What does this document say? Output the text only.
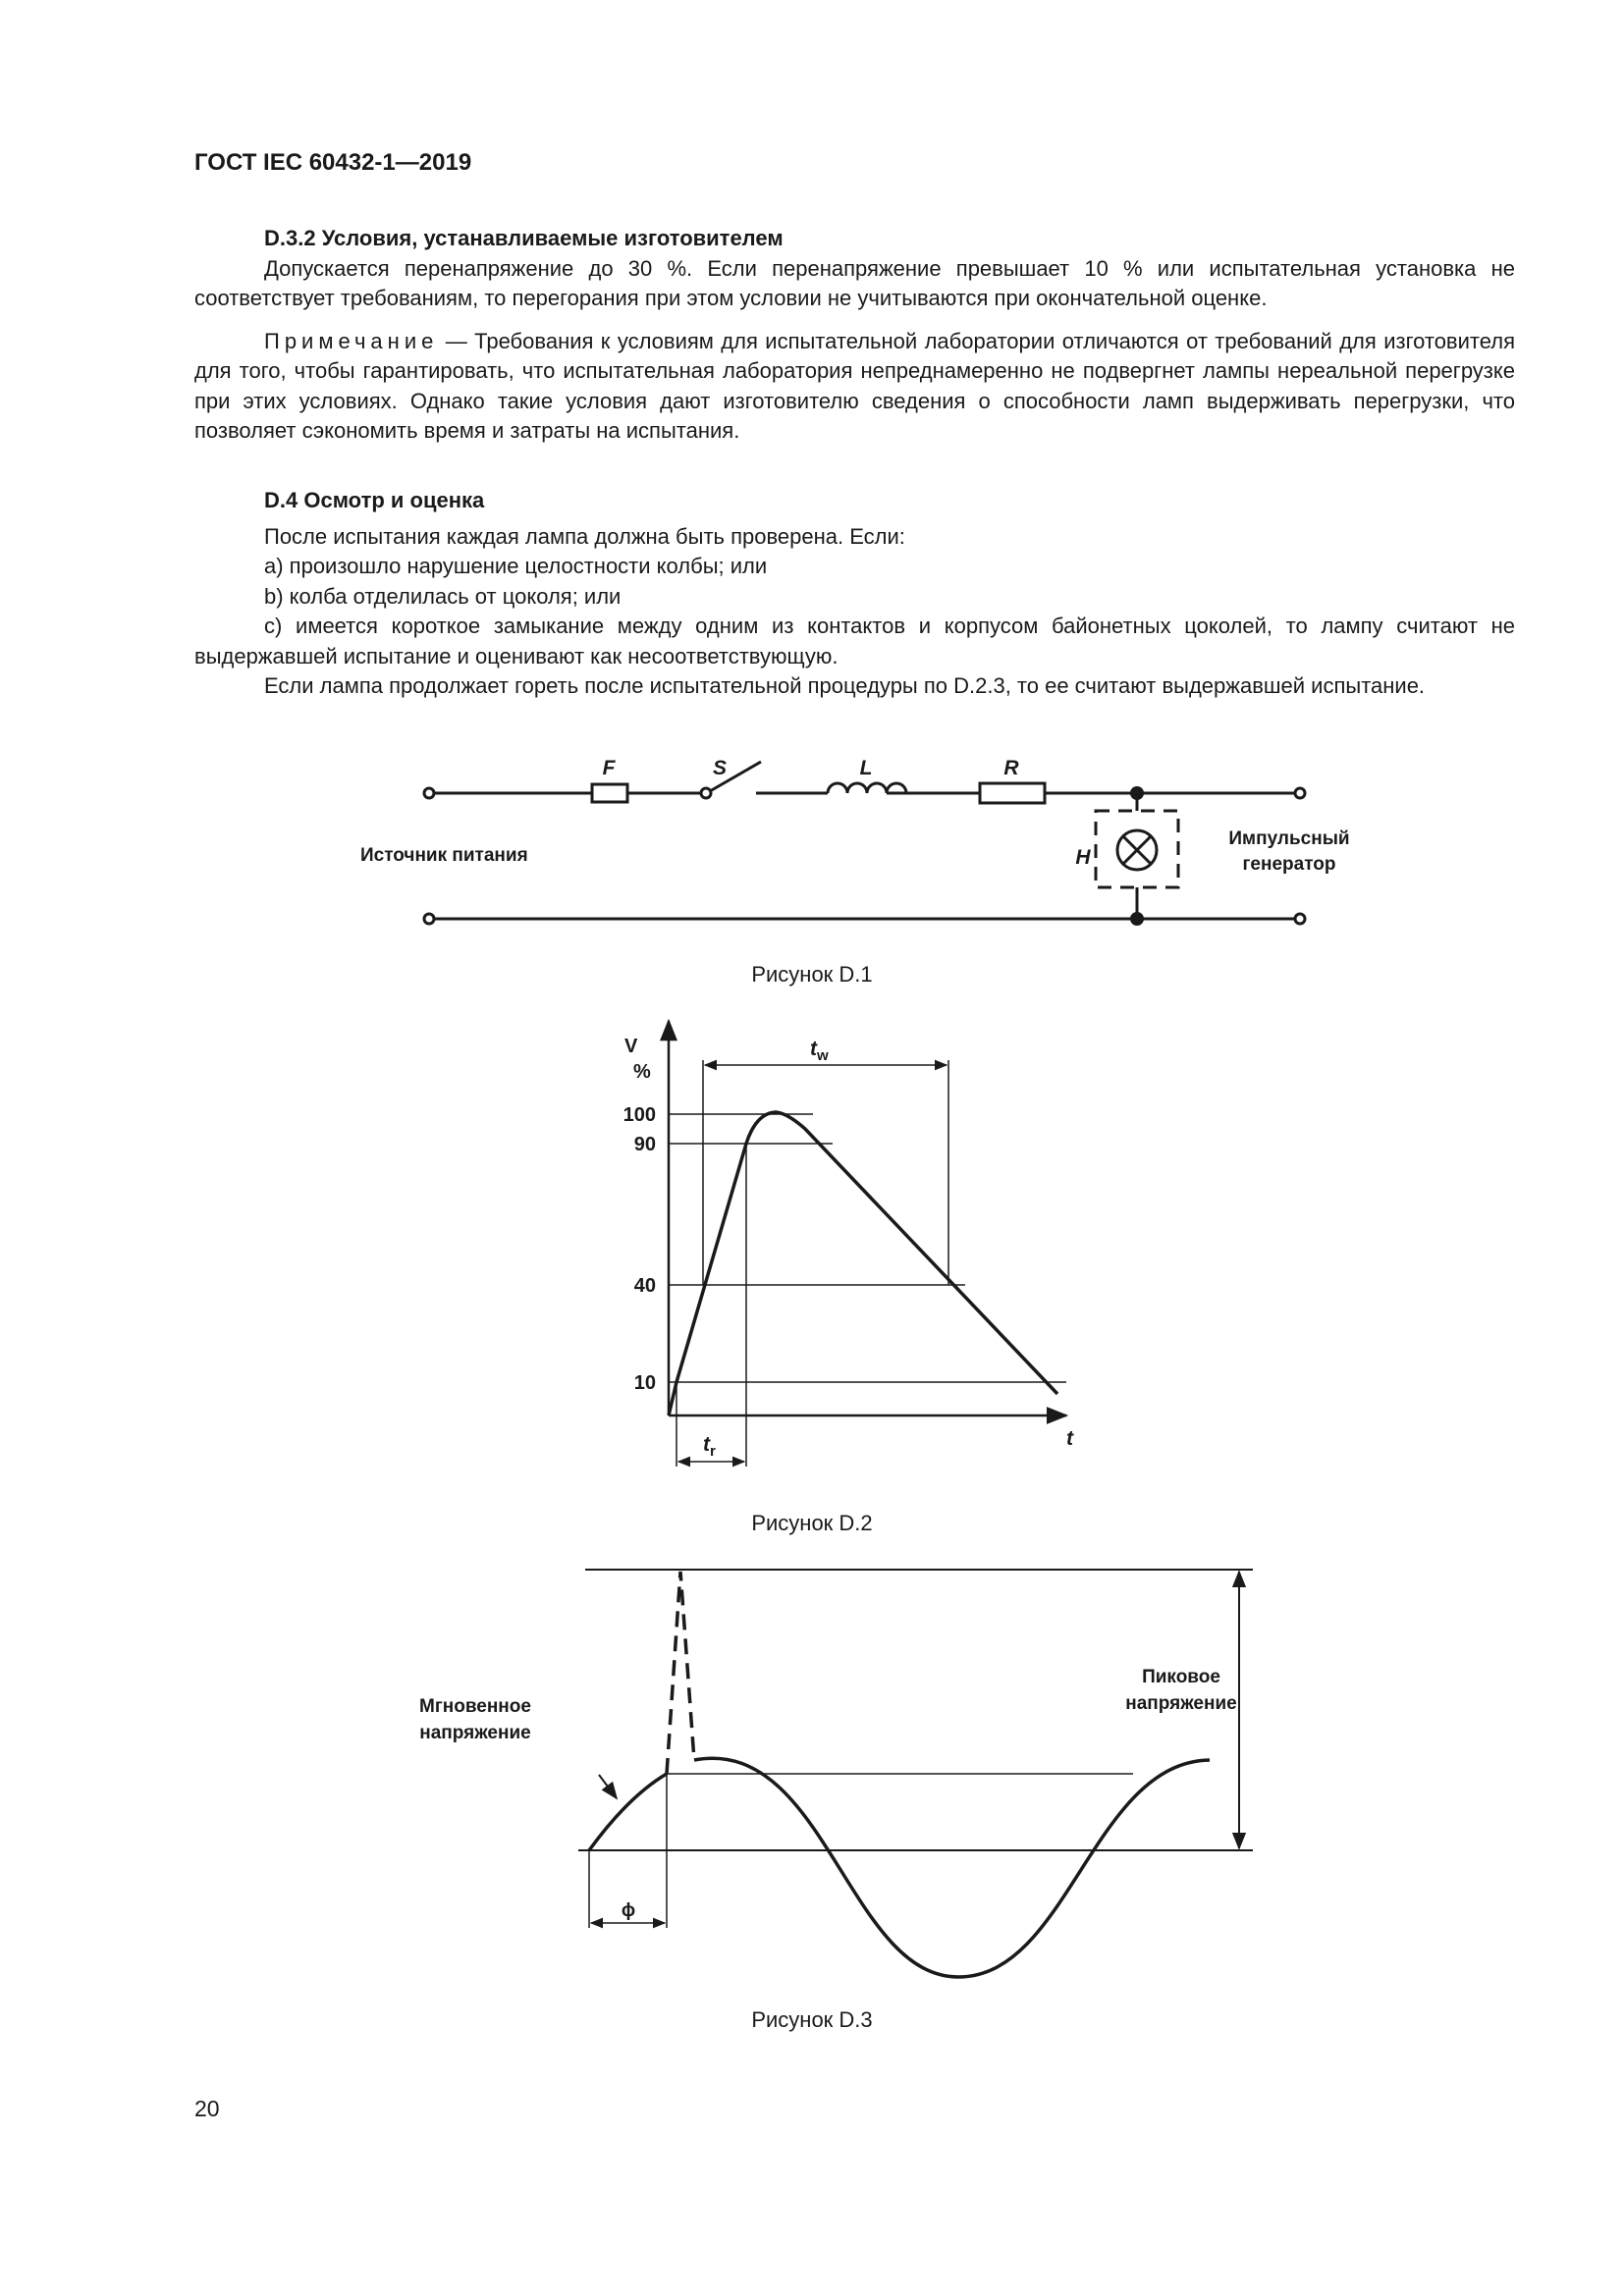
ГОСТ IEC 60432-1—2019

D.3.2 Условия, устанавливаемые изготовителем

Допускается перенапряжение до 30 %. Если перенапряжение превышает 10 % или испытательная установка не соответствует требованиям, то перегорания при этом условии не учитываются при окончательной оценке.

Примечание — Требования к условиям для испытательной лаборатории отличаются от требований для изготовителя для того, чтобы гарантировать, что испытательная лаборатория непреднамеренно не подвергнет лампы нереальной перегрузке при этих условиях. Однако такие условия дают изготовителю сведения о способности ламп выдерживать перегрузки, что позволяет сэкономить время и затраты на испытания.

D.4 Осмотр и оценка

После испытания каждая лампа должна быть проверена. Если:

a) произошло нарушение целостности колбы; или

b) колба отделилась от цоколя; или

c) имеется короткое замыкание между одним из контактов и корпусом байонетных цоколей, то лампу считают не выдержавшей испытание и оценивают как несоответствующую.

Если лампа продолжает гореть после испытательной процедуры по D.2.3, то ее считают выдержавшей испытание.

F	S	L	R
H
Источник питания
Импульсный
генератор
Рисунок D.1
V
%
100
90
40
10
t
$t_w$
$t_r$
Рисунок D.2
Мгновенное
напряжение
Пиковое
напряжение
ϕ
Рисунок D.3
20
